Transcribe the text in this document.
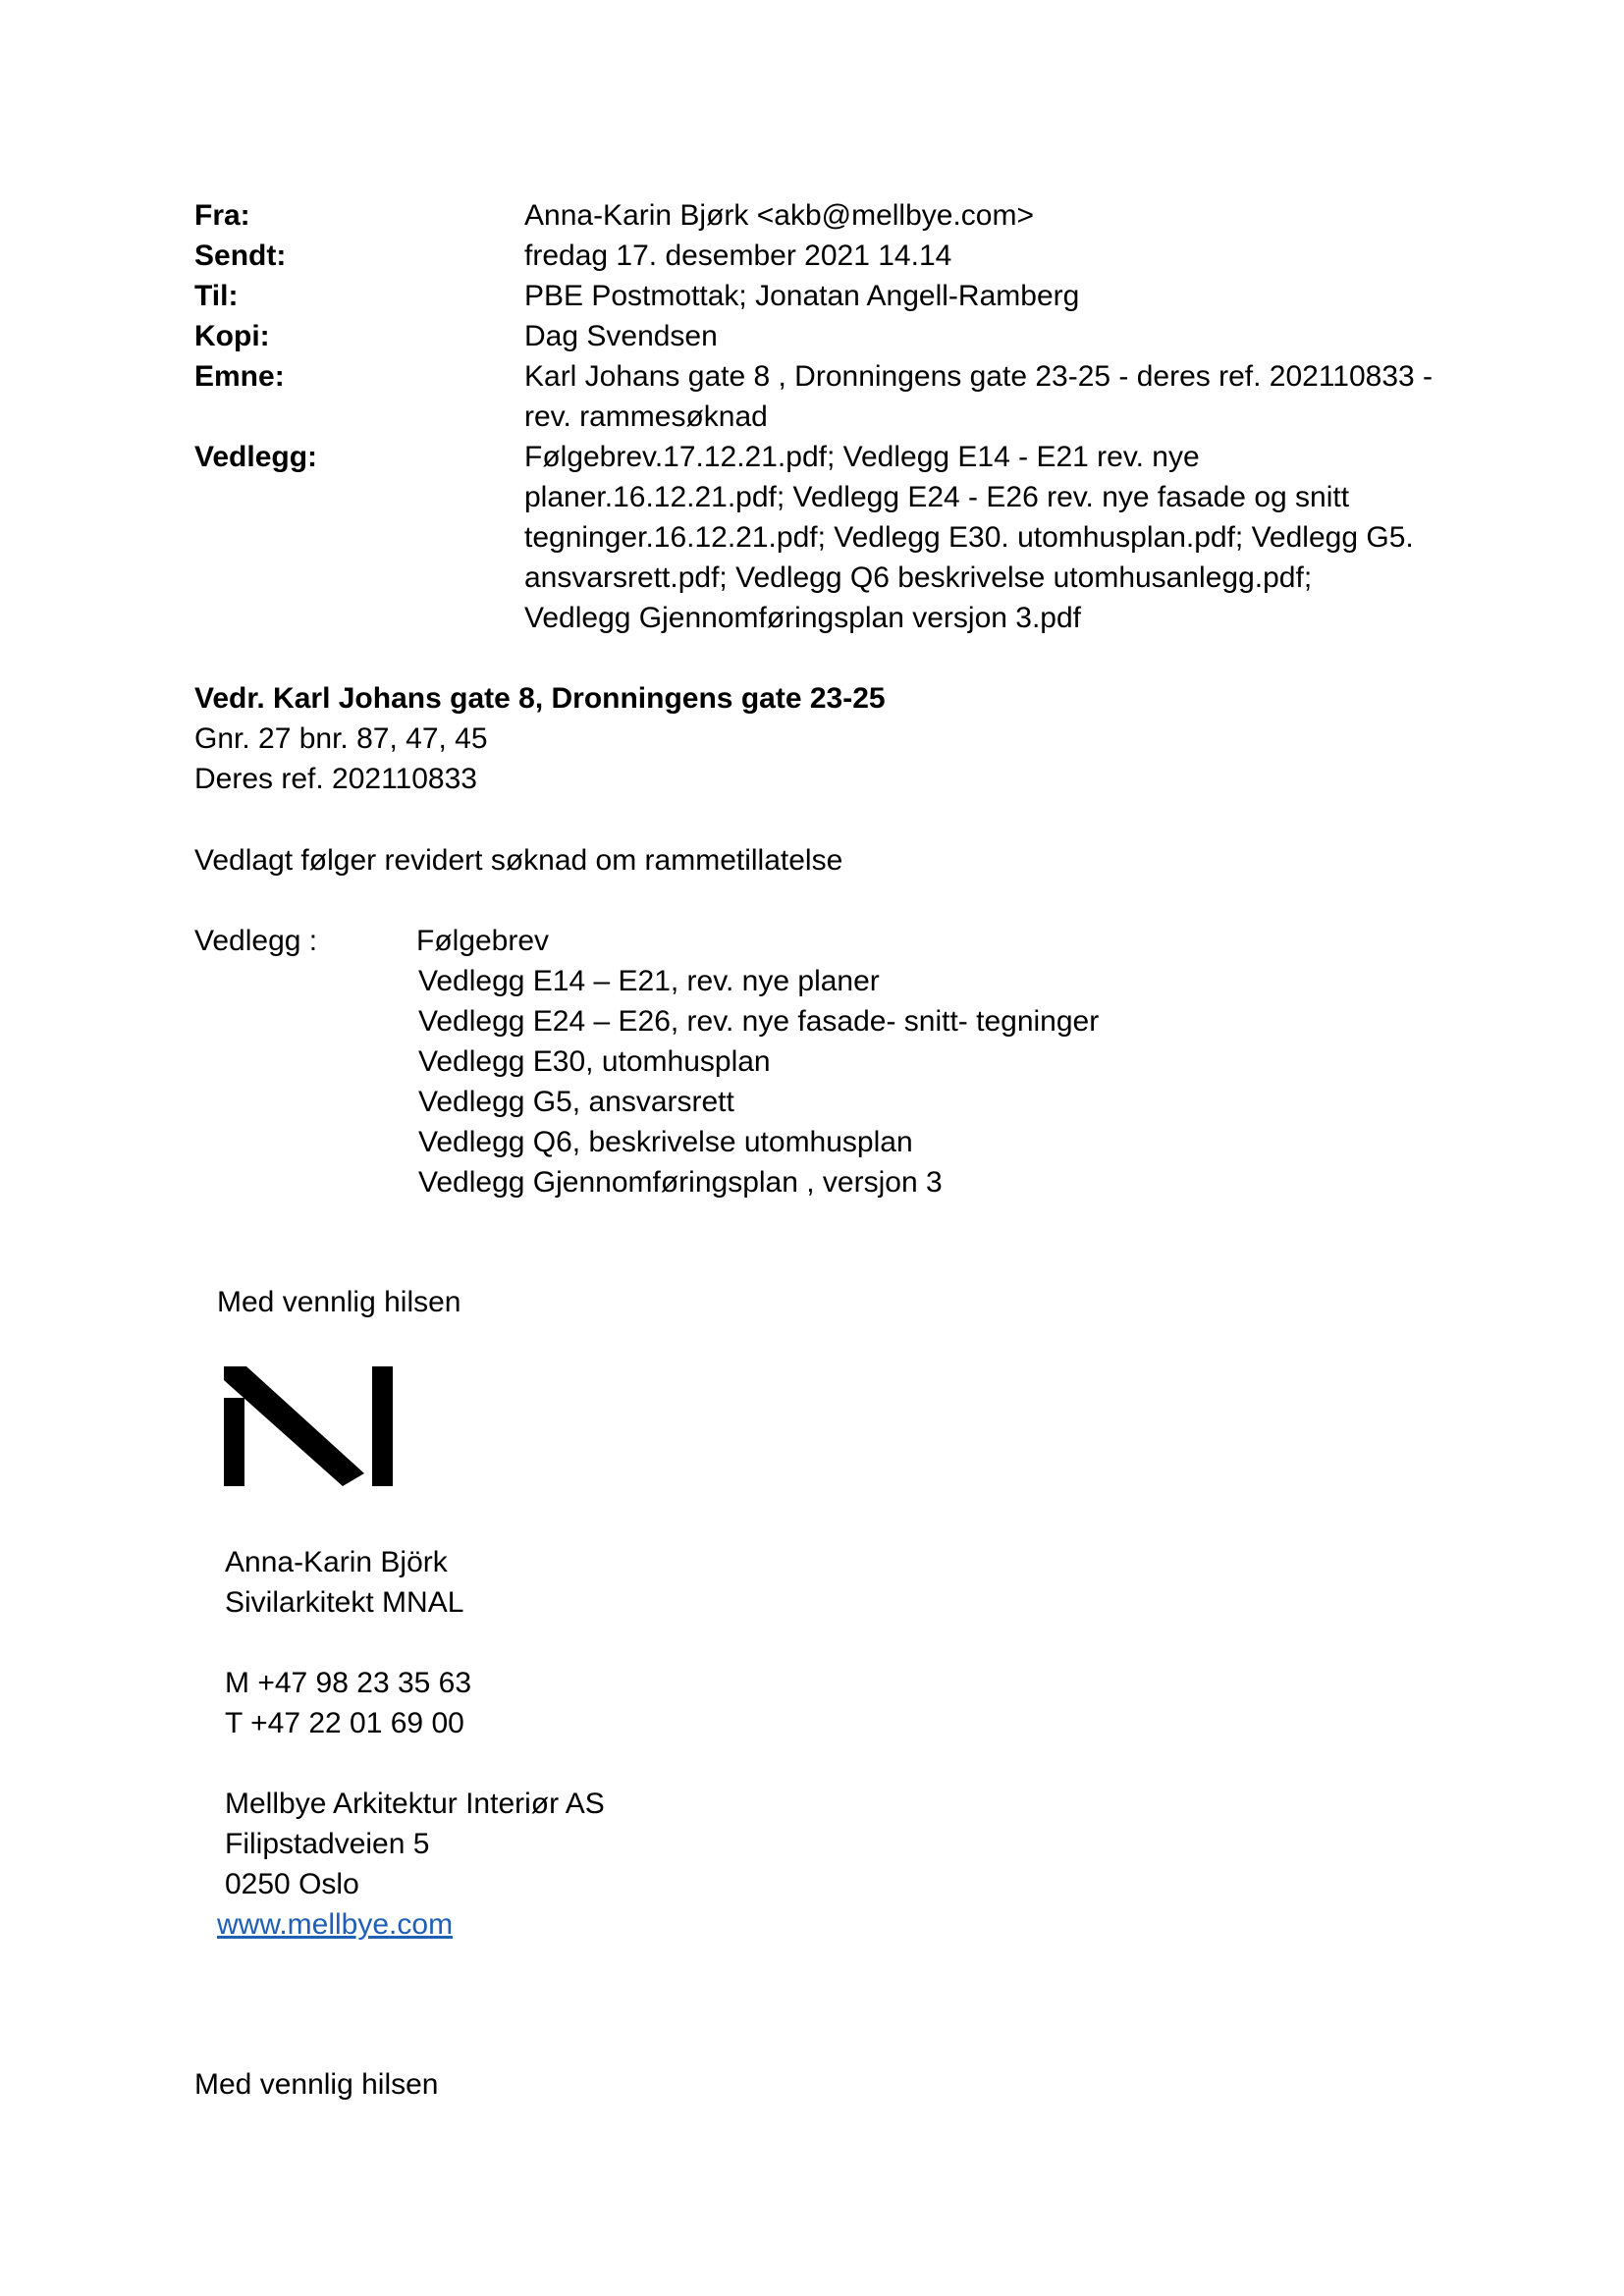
Fra:	Anna-Karin Bjørk <akb@mellbye.com>
Sendt:	fredag 17. desember 2021 14.14
Til:	PBE Postmottak; Jonatan Angell-Ramberg
Kopi:	Dag Svendsen
Emne:	Karl Johans gate 8 , Dronningens gate 23-25 - deres ref. 202110833 -
rev. rammesøknad
Vedlegg:	Følgebrev.17.12.21.pdf; Vedlegg E14 - E21 rev. nye
planer.16.12.21.pdf; Vedlegg E24 - E26 rev. nye fasade og snitt
tegninger.16.12.21.pdf; Vedlegg E30. utomhusplan.pdf; Vedlegg G5.
ansvarsrett.pdf; Vedlegg Q6 beskrivelse utomhusanlegg.pdf;
Vedlegg Gjennomføringsplan versjon 3.pdf
Vedr. Karl Johans gate 8, Dronningens gate 23-25
Gnr. 27 bnr. 87, 47, 45
Deres ref. 202110833
Vedlagt følger revidert søknad om rammetillatelse
Vedlegg :	Følgebrev
Vedlegg E14 – E21, rev. nye planer
Vedlegg E24 – E26, rev. nye fasade- snitt- tegninger
Vedlegg E30, utomhusplan
Vedlegg G5, ansvarsrett
Vedlegg Q6, beskrivelse utomhusplan
Vedlegg Gjennomføringsplan , versjon 3
Med vennlig hilsen
Anna-Karin Björk
Sivilarkitekt MNAL
M +47 98 23 35 63
T +47 22 01 69 00
Mellbye Arkitektur Interiør AS
Filipstadveien 5
0250 Oslo
www.mellbye.com
Med vennlig hilsen
